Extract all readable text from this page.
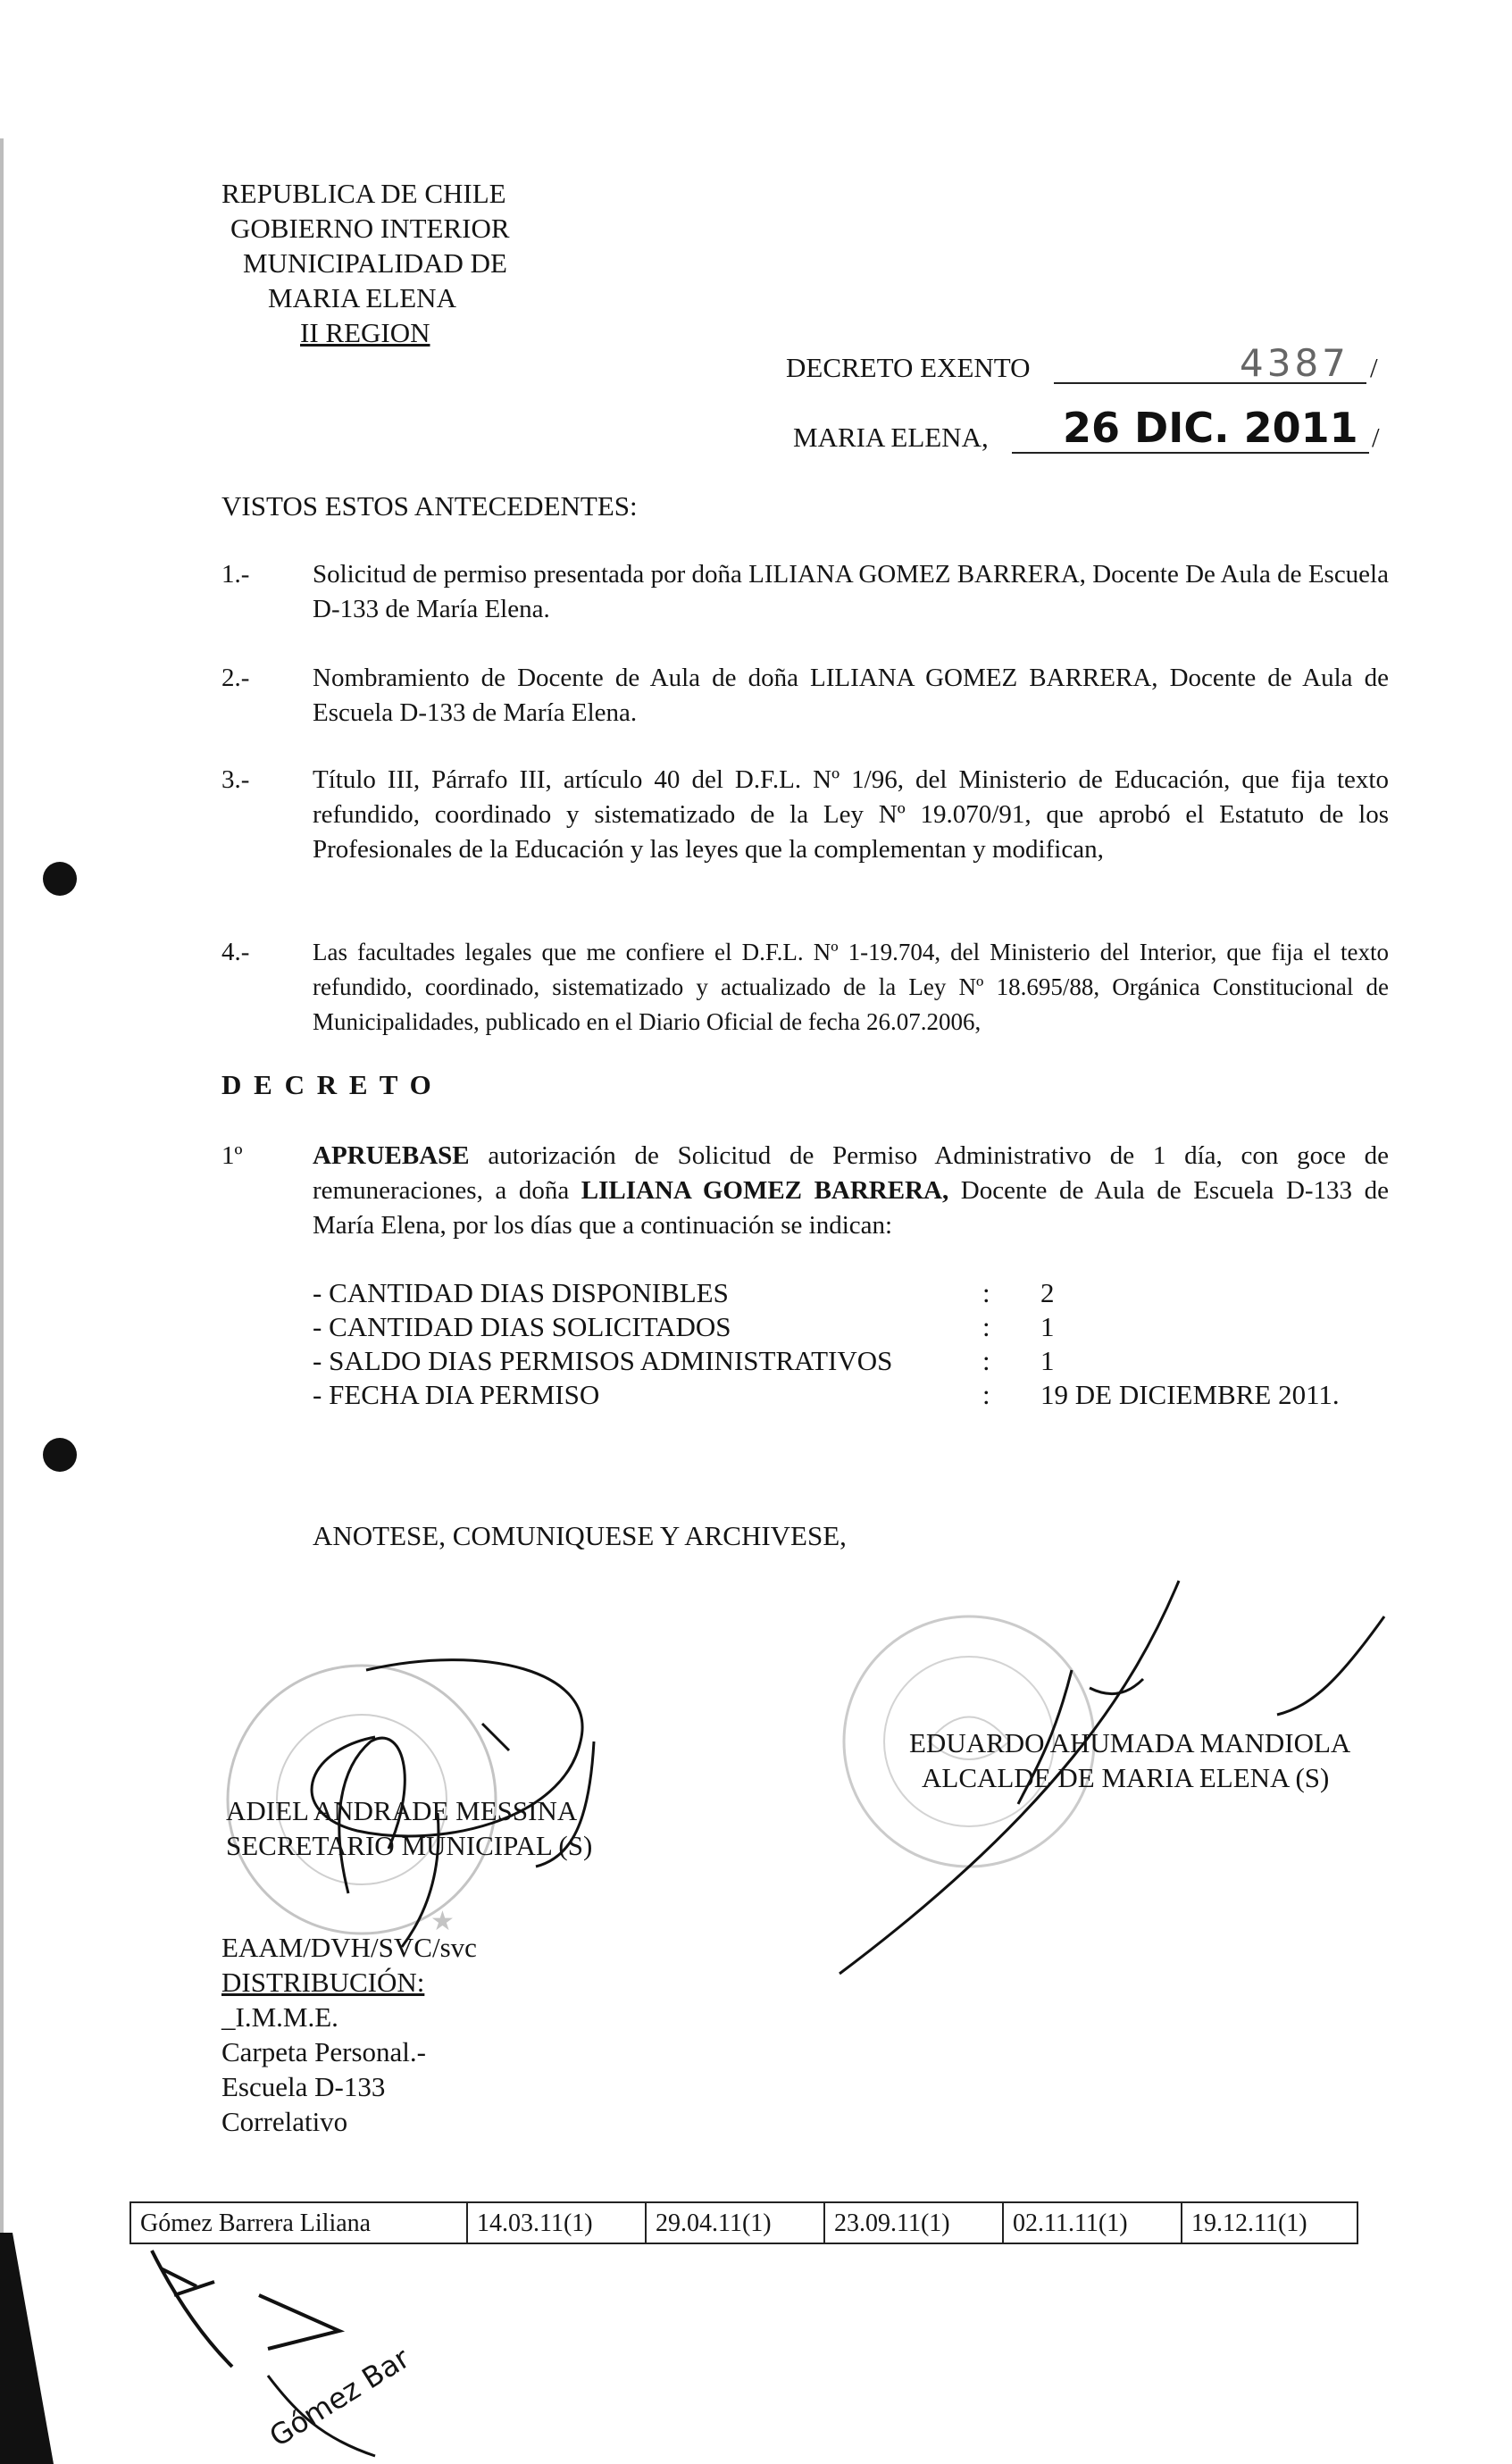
REPUBLICA DE CHILE
GOBIERNO INTERIOR
MUNICIPALIDAD DE
MARIA ELENA
II REGION
DECRETO EXENTO	4387 /
MARIA ELENA, 26 DIC. 2011 /
VISTOS ESTOS ANTECEDENTES:
1.- Solicitud de permiso presentada por doña LILIANA GOMEZ BARRERA, Docente De Aula de Escuela D-133 de María Elena.
2.- Nombramiento de Docente de Aula de doña LILIANA GOMEZ BARRERA, Docente de Aula de Escuela D-133 de María Elena.
3.- Título III, Párrafo III, artículo 40 del D.F.L. Nº 1/96, del Ministerio de Educación, que fija texto refundido, coordinado y sistematizado de la Ley Nº 19.070/91, que aprobó el Estatuto de los Profesionales de la Educación y las leyes que la complementan y modifican,
4.-	Las facultades legales que me confiere el D.F.L. Nº 1-19.704, del Ministerio del Interior, que fija el texto refundido, coordinado, sistematizado y actualizado de la Ley Nº 18.695/88, Orgánica Constitucional de Municipalidades, publicado en el Diario Oficial de fecha 26.07.2006,
D E C R E T O
1º	APRUEBASE autorización de Solicitud de Permiso Administrativo de 1 día, con goce de remuneraciones, a doña LILIANA GOMEZ BARRERA, Docente de Aula de Escuela D-133 de María Elena, por los días que a continuación se indican:
- CANTIDAD DIAS DISPONIBLES	: 2
- CANTIDAD DIAS SOLICITADOS	: 1
- SALDO DIAS PERMISOS ADMINISTRATIVOS	: 1
- FECHA DIA PERMISO	: 19 DE DICIEMBRE 2011.
ANOTESE, COMUNIQUESE Y ARCHIVESE,
★
ADIEL ANDRADE MESSINA
SECRETARIO MUNICIPAL (S)
EDUARDO AHUMADA MANDIOLA
ALCALDE DE MARIA ELENA (S)
EAAM/DVH/SVC/svc
DISTRIBUCIÓN:
_I.M.M.E.
Carpeta Personal.-
Escuela D-133
Correlativo
Gómez Barrera Liliana	14.03.11(1)	29.04.11(1)	23.09.11(1)	02.11.11(1)	19.12.11(1)
Gómez Bar
